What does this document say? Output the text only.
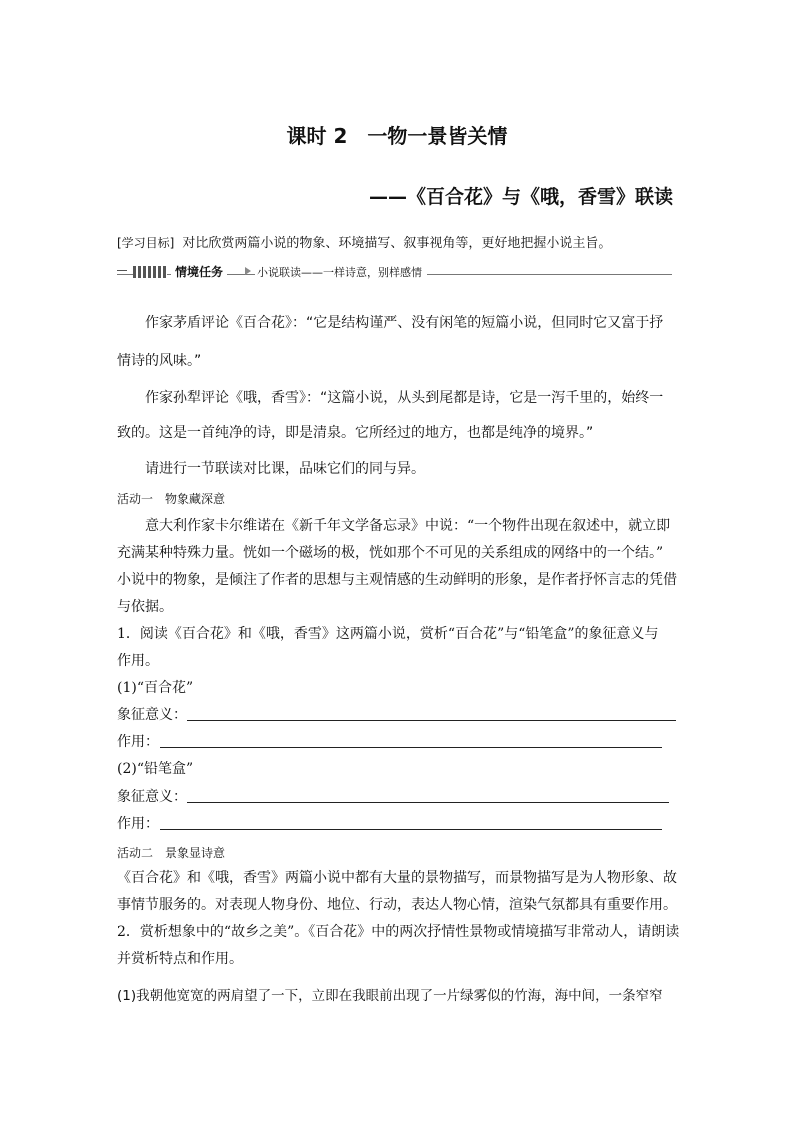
课时 2　一物一景皆关情
——《百合花》与《哦，香雪》联读
[学习目标] 对比欣赏两篇小说的物象、环境描写、叙事视角等，更好地把握小说主旨。
情境任务	小说联读——一样诗意，别样感情
作家茅盾评论《百合花》：“它是结构谨严、没有闲笔的短篇小说，但同时它又富于抒
情诗的风味。”
作家孙犁评论《哦，香雪》：“这篇小说，从头到尾都是诗，它是一泻千里的，始终一
致的。这是一首纯净的诗，即是清泉。它所经过的地方，也都是纯净的境界。”
请进行一节联读对比课，品味它们的同与异。
活动一　物象藏深意
意大利作家卡尔维诺在《新千年文学备忘录》中说：“一个物件出现在叙述中，就立即
充满某种特殊力量。恍如一个磁场的极，恍如那个不可见的关系组成的网络中的一个结。”
小说中的物象，是倾注了作者的思想与主观情感的生动鲜明的形象，是作者抒怀言志的凭借
与依据。
1．阅读《百合花》和《哦，香雪》这两篇小说，赏析“百合花”与“铅笔盒”的象征意义与
作用。
(1)“百合花”
象征意义：
作用：
(2)“铅笔盒”
象征意义：
作用：
活动二　景象显诗意
《百合花》和《哦，香雪》两篇小说中都有大量的景物描写，而景物描写是为人物形象、故
事情节服务的。对表现人物身份、地位、行动，表达人物心情，渲染气氛都具有重要作用。
2．赏析想象中的“故乡之美”。《百合花》中的两次抒情性景物或情境描写非常动人，请朗读
并赏析特点和作用。
(1)我朝他宽宽的两肩望了一下，立即在我眼前出现了一片绿雾似的竹海，海中间，一条窄窄
